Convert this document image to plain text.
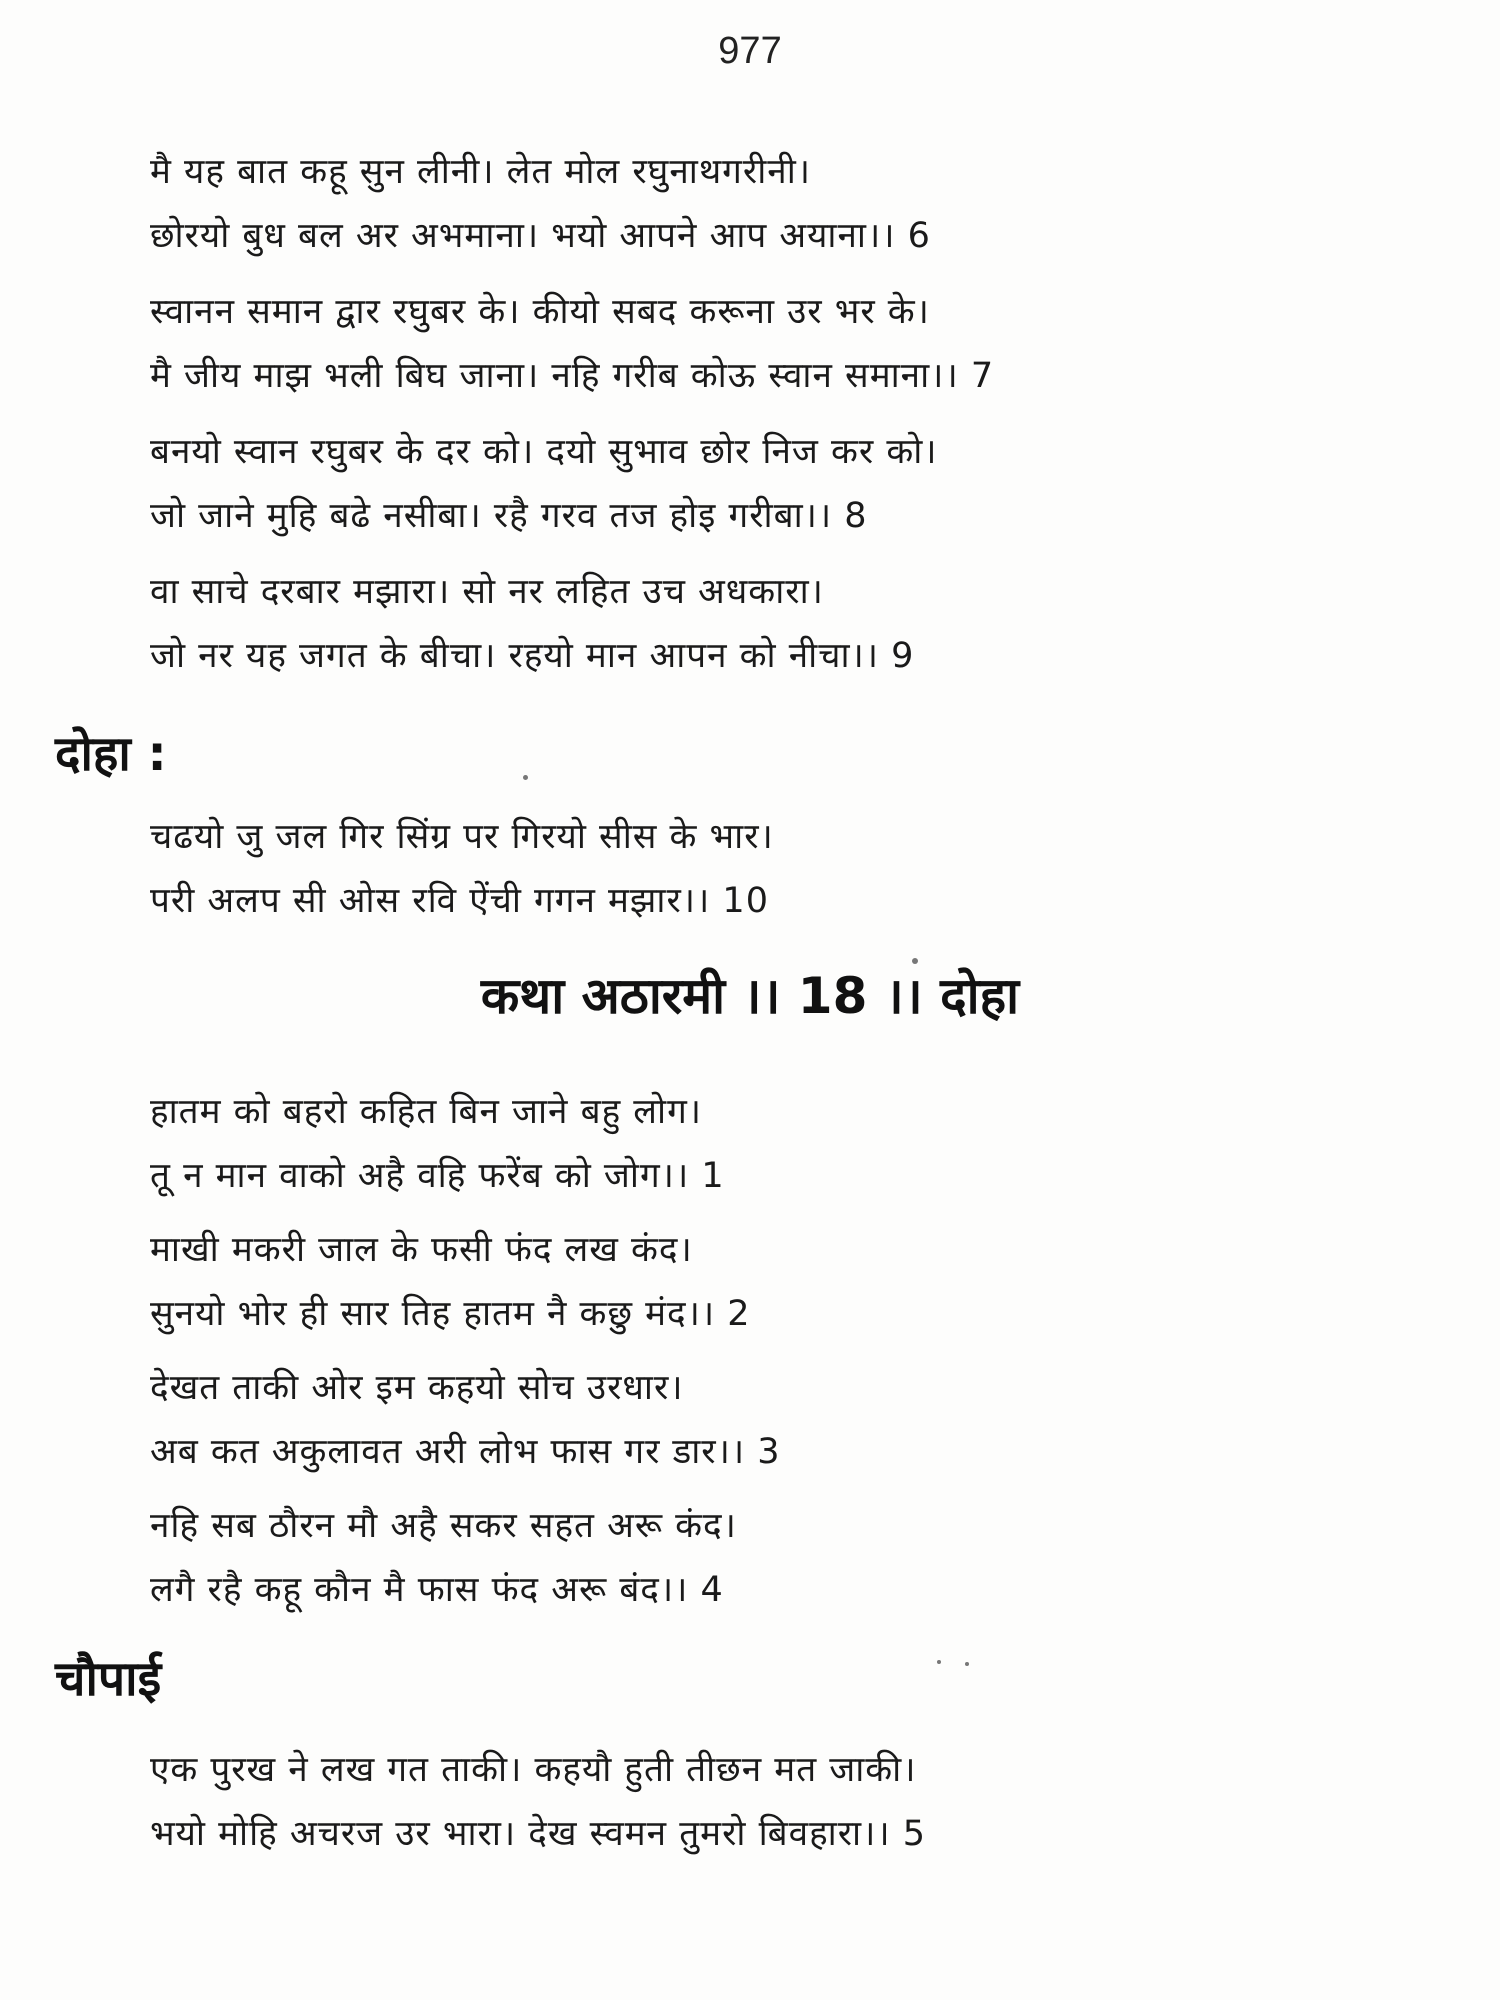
977
मै यह बात कहू सुन लीनी। लेत मोल रघुनाथगरीनी।
छोरयो बुध बल अर अभमाना। भयो आपने आप अयाना।। 6
स्वानन समान द्वार रघुबर के। कीयो सबद करूना उर भर के।
मै जीय माझ भली बिघ जाना। नहि गरीब कोऊ स्वान समाना।। 7
बनयो स्वान रघुबर के दर को। दयो सुभाव छोर निज कर को।
जो जाने मुहि बढे नसीबा। रहै गरव तज होइ गरीबा।। 8
वा साचे दरबार मझारा। सो नर लहित उच अधकारा।
जो नर यह जगत के बीचा। रहयो मान आपन को नीचा।। 9
दोहा :
चढयो जु जल गिर सिंग्र पर गिरयो सीस के भार।
परी अलप सी ओस रवि ऐंची गगन मझार।। 10
कथा अठारमी ।। 18 ।। दोहा
हातम को बहरो कहित बिन जाने बहु लोग।
तू न मान वाको अहै वहि फरेंब को जोग।। 1
माखी मकरी जाल के फसी फंद लख कंद।
सुनयो भोर ही सार तिह हातम नै कछु मंद।। 2
देखत ताकी ओर इम कहयो सोच उरधार।
अब कत अकुलावत अरी लोभ फास गर डार।। 3
नहि सब ठौरन मौ अहै सकर सहत अरू कंद।
लगै रहै कहू कौन मै फास फंद अरू बंद।। 4
चौपाई
एक पुरख ने लख गत ताकी। कहयौ हुती तीछन मत जाकी।
भयो मोहि अचरज उर भारा। देख स्वमन तुमरो बिवहारा।। 5
